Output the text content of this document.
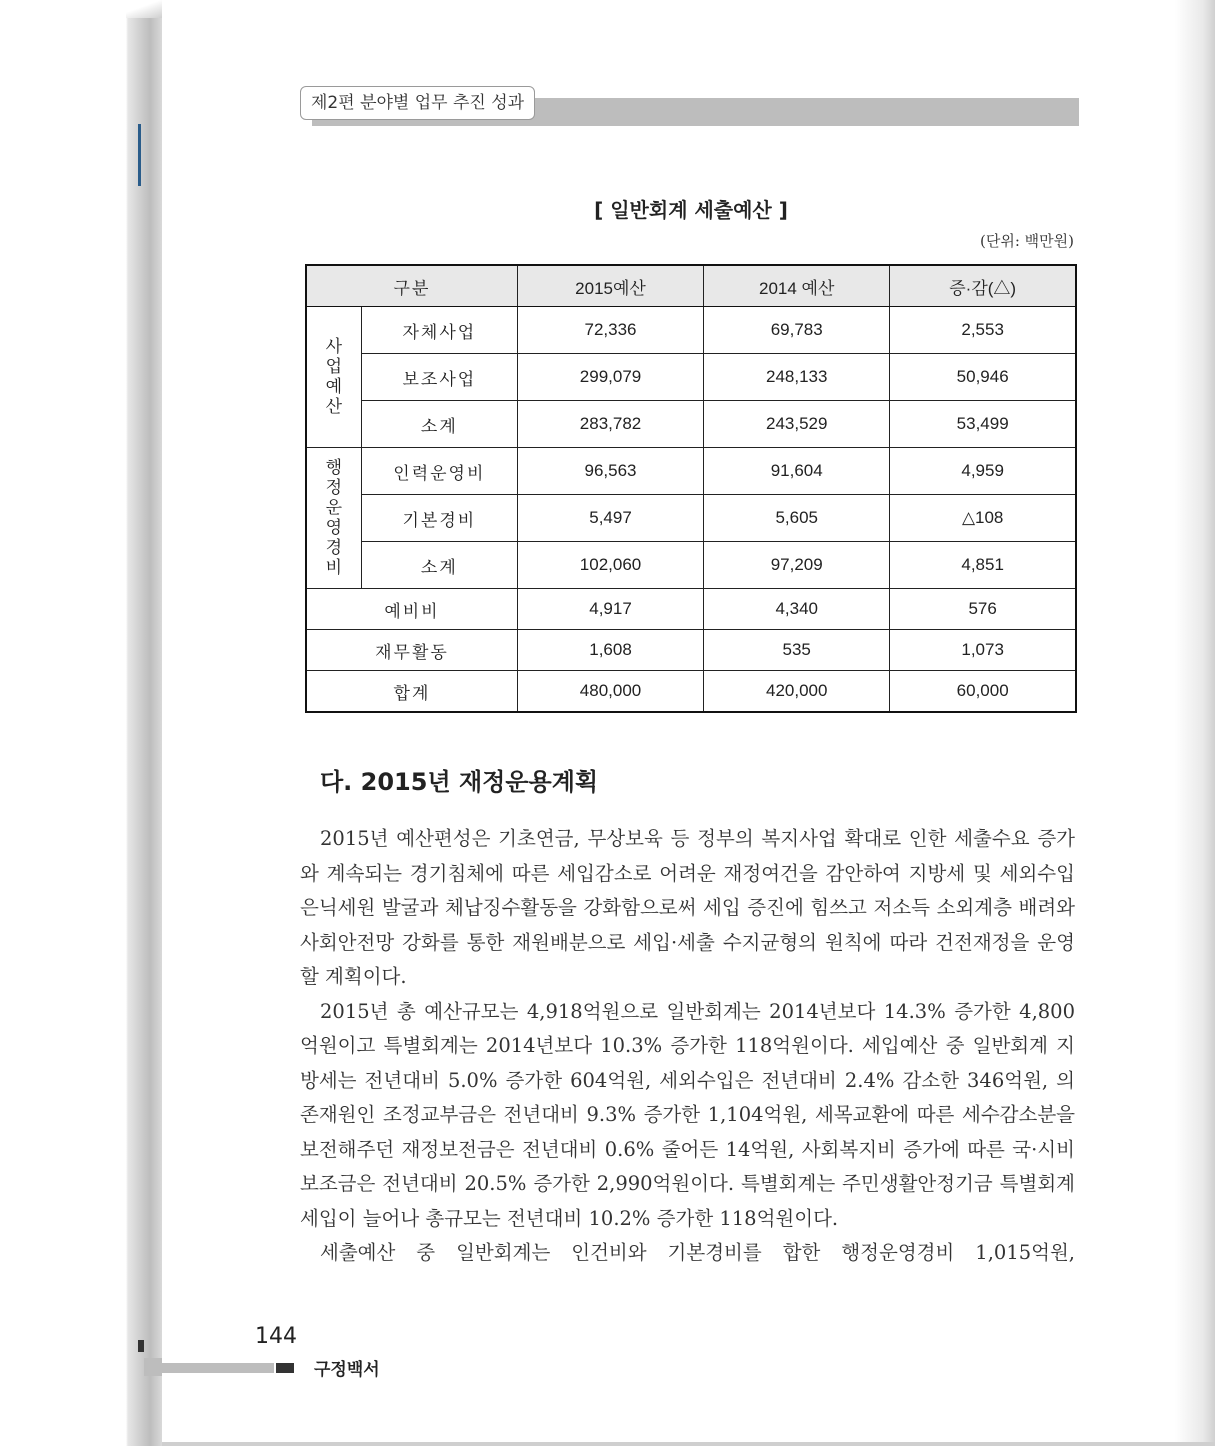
제2편 분야별 업무 추진 성과
[ 일반회계 세출예산 ]
(단위: 백만원)
구분		2015예산	2014 예산	증·감(△)
사업예산	자체사업	72,336	69,783	2,553
	보조사업	299,079	248,133	50,946
	소계	283,782	243,529	53,499
행정운영경비	인력운영비	96,563	91,604	4,959
	기본경비	5,497	5,605	△108
	소계	102,060	97,209	4,851
예비비		4,917	4,340	576
재무활동		1,608	535	1,073
합계		480,000	420,000	60,000
다. 2015년 재정운용계획

2015년 예산편성은 기초연금, 무상보육 등 정부의 복지사업 확대로 인한 세출수요 증가와 계속되는 경기침체에 따른 세입감소로 어려운 재정여건을 감안하여 지방세 및 세외수입 은닉세원 발굴과 체납징수활동을 강화함으로써 세입 증진에 힘쓰고 저소득 소외계층 배려와 사회안전망 강화를 통한 재원배분으로 세입·세출 수지균형의 원칙에 따라 건전재정을 운영할 계획이다.

2015년 총 예산규모는 4,918억원으로 일반회계는 2014년보다 14.3% 증가한 4,800억원이고 특별회계는 2014년보다 10.3% 증가한 118억원이다. 세입예산 중 일반회계 지방세는 전년대비 5.0% 증가한 604억원, 세외수입은 전년대비 2.4% 감소한 346억원, 의존재원인 조정교부금은 전년대비 9.3% 증가한 1,104억원, 세목교환에 따른 세수감소분을 보전해주던 재정보전금은 전년대비 0.6% 줄어든 14억원, 사회복지비 증가에 따른 국·시비 보조금은 전년대비 20.5% 증가한 2,990억원이다. 특별회계는 주민생활안정기금 특별회계 세입이 늘어나 총규모는 전년대비 10.2% 증가한 118억원이다.

세출예산 중 일반회계는 인건비와 기본경비를 합한 행정운영경비 1,015억원,

144
구정백서
